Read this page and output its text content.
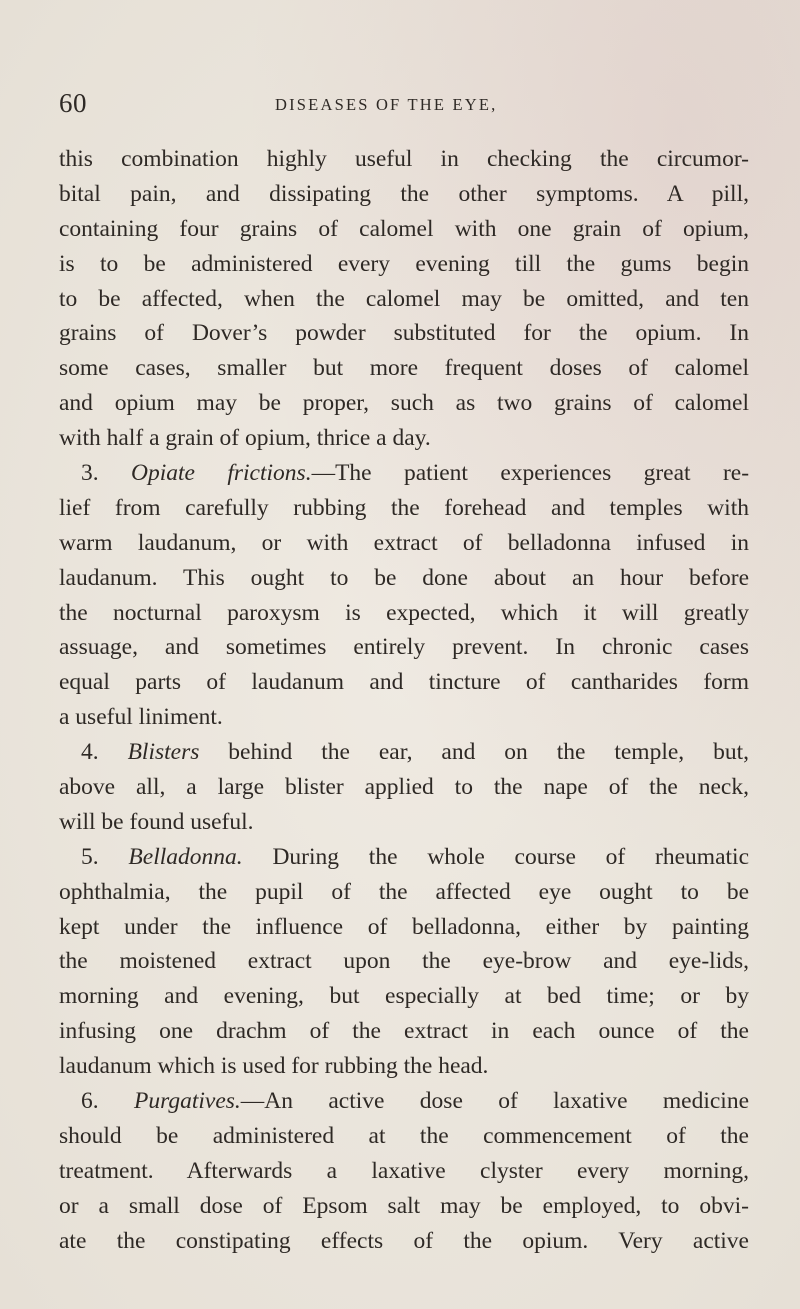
60	DISEASES OF THE EYE,
this combination highly useful in checking the circumor-
bital pain, and dissipating the other symptoms. A pill,
containing four grains of calomel with one grain of opium,
is to be administered every evening till the gums begin
to be affected, when the calomel may be omitted, and ten
grains of Dover’s powder substituted for the opium. In
some cases, smaller but more frequent doses of calomel
and opium may be proper, such as two grains of calomel
with half a grain of opium, thrice a day.
3. Opiate frictions.—The patient experiences great re-
lief from carefully rubbing the forehead and temples with
warm laudanum, or with extract of belladonna infused in
laudanum. This ought to be done about an hour before
the nocturnal paroxysm is expected, which it will greatly
assuage, and sometimes entirely prevent. In chronic cases
equal parts of laudanum and tincture of cantharides form
a useful liniment.
4. Blisters behind the ear, and on the temple, but,
above all, a large blister applied to the nape of the neck,
will be found useful.
5. Belladonna. During the whole course of rheumatic
ophthalmia, the pupil of the affected eye ought to be
kept under the influence of belladonna, either by painting
the moistened extract upon the eye-brow and eye-lids,
morning and evening, but especially at bed time; or by
infusing one drachm of the extract in each ounce of the
laudanum which is used for rubbing the head.
6. Purgatives.—An active dose of laxative medicine
should be administered at the commencement of the
treatment. Afterwards a laxative clyster every morning,
or a small dose of Epsom salt may be employed, to obvi-
ate the constipating effects of the opium. Very active
